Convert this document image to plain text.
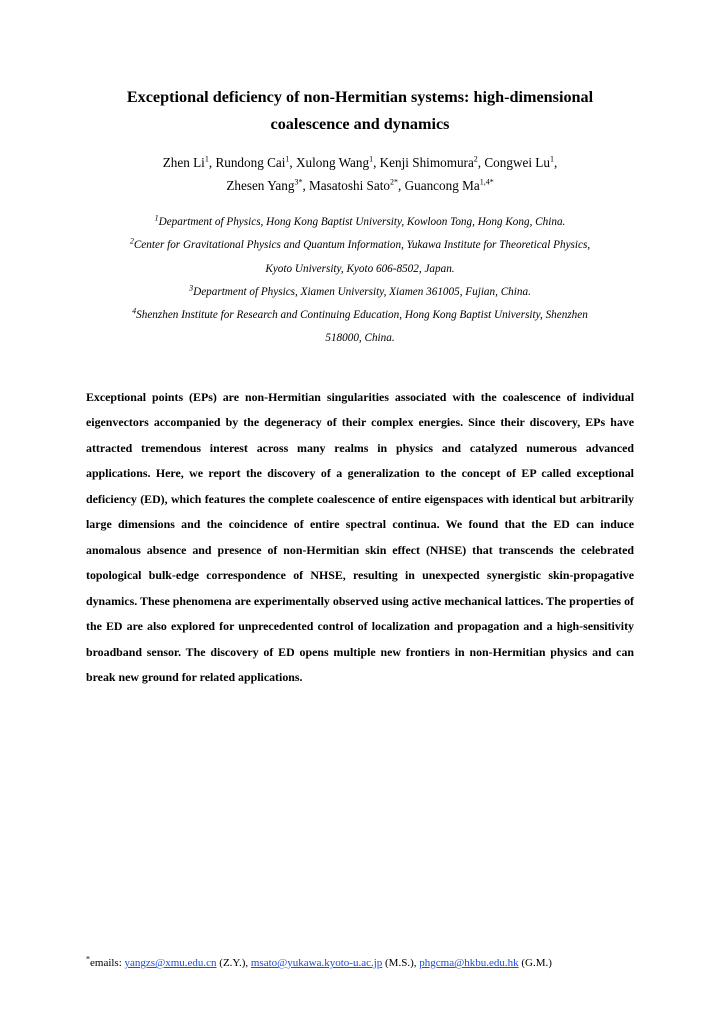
Exceptional deficiency of non-Hermitian systems: high-dimensional
coalescence and dynamics
Zhen Li$^1$, Rundong Cai$^1$, Xulong Wang$^1$, Kenji Shimomura$^2$, Congwei Lu$^1$,
Zhesen Yang$^{3*}$, Masatoshi Sato$^{2*}$, Guancong $Ma^{1,4*}$
$^1$Department of Physics, Hong Kong Baptist University, Kowloon Tong, Hong Kong, China.
$^2$Center for Gravitational Physics and Quantum Information, Yukawa Institute for Theoretical Physics,
Kyoto University, Kyoto 606-8502, Japan.
$^3$Department of Physics, Xiamen University, Xiamen 361005, Fujian, China.
$^4$Shenzhen Institute for Research and Continuing Education, Hong Kong Baptist University, Shenzhen
518000, China.

Exceptional points (EPs) are non-Hermitian singularities associated with the coalescence of individual eigenvectors accompanied by the degeneracy of their complex energies. Since their discovery, EPs have attracted tremendous interest across many realms in physics and catalyzed numerous advanced applications. Here, we report the discovery of a generalization to the concept of EP called exceptional deficiency (ED), which features the complete coalescence of entire eigenspaces with identical but arbitrarily large dimensions and the coincidence of entire spectral continua. We found that the ED can induce anomalous absence and presence of non-Hermitian skin effect (NHSE) that transcends the celebrated topological bulk-edge correspondence of NHSE, resulting in unexpected synergistic skin-propagative dynamics. These phenomena are experimentally observed using active mechanical lattices. The properties of the ED are also explored for unprecedented control of localization and propagation and a high-sensitivity broadband sensor. The discovery of ED opens multiple new frontiers in non-Hermitian physics and can break new ground for related applications.

*emails: yangzs@xmu.edu.cn (Z.Y.), msato@yukawa.kyoto-u.ac.jp (M.S.), phgcma@hkbu.edu.hk (G.M.)
